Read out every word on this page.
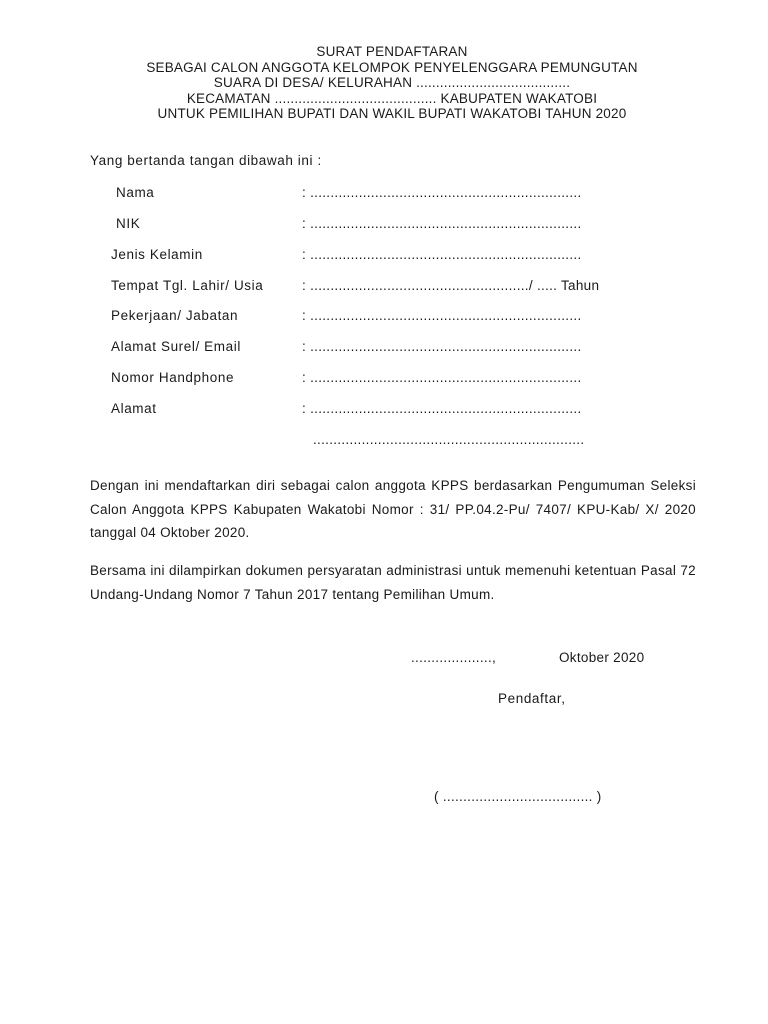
SURAT PENDAFTARAN
SEBAGAI CALON ANGGOTA KELOMPOK PENYELENGGARA PEMUNGUTAN
SUARA DI DESA/ KELURAHAN .......................................
KECAMATAN ......................................... KABUPATEN WAKATOBI
UNTUK PEMILIHAN BUPATI DAN WAKIL BUPATI WAKATOBI TAHUN 2020
Yang bertanda tangan dibawah ini :
Nama	: ...................................................................
NIK	: ...................................................................
Jenis Kelamin	: ...................................................................
Tempat Tgl. Lahir/ Usia	: ....................................................../ ..... Tahun
Pekerjaan/ Jabatan	: ...................................................................
Alamat Surel/ Email	: ...................................................................
Nomor Handphone	: ...................................................................
Alamat	: ...................................................................
...................................................................
Dengan ini mendaftarkan diri sebagai calon anggota KPPS berdasarkan Pengumuman Seleksi Calon Anggota KPPS Kabupaten Wakatobi Nomor : 31/ PP.04.2-Pu/ 7407/ KPU-Kab/ X/ 2020 tanggal 04 Oktober 2020.
Bersama ini dilampirkan dokumen persyaratan administrasi untuk memenuhi ketentuan Pasal 72 Undang-Undang Nomor 7 Tahun 2017 tentang Pemilihan Umum.
....................,	Oktober 2020
Pendaftar,
( ..................................... )
